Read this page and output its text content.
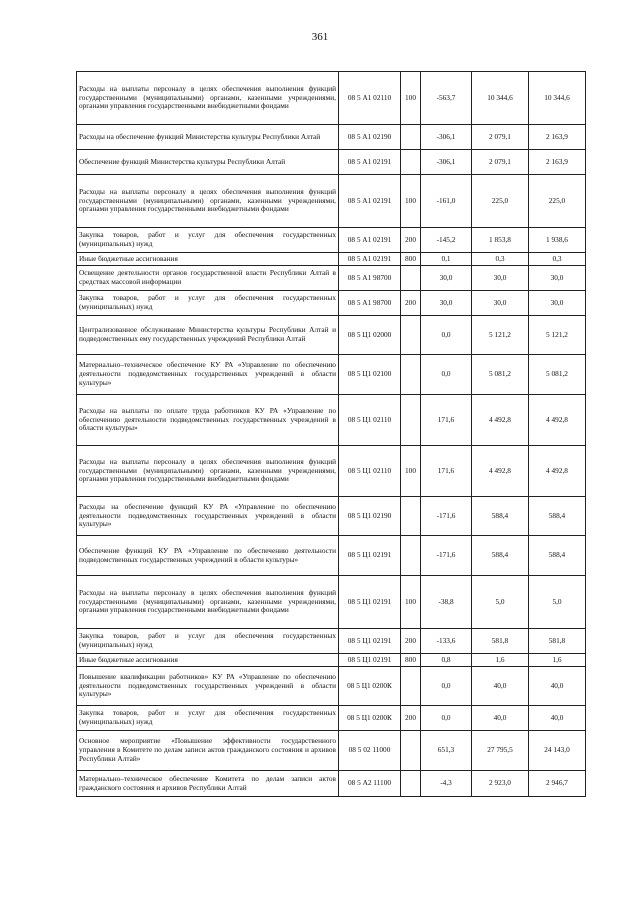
361
Расходы на выплаты персоналу в целях обеспечения выполнения функций государственными (муниципальными) органами, казенными учреждениями, органами управления государственными внебюджетными фондами	08 5 А1 02110	100	-563,7	10 344,6	10 344,6
Расходы на обеспечение функций Министерства культуры Республики Алтай	08 5 А1 02190		-306,1	2 079,1	2 163,9
Обеспечение функций Министерства культуры Республики Алтай	08 5 А1 02191		-306,1	2 079,1	2 163,9
Расходы на выплаты персоналу в целях обеспечения выполнения функций государственными (муниципальными) органами, казенными учреждениями, органами управления государственными внебюджетными фондами	08 5 А1 02191	100	-161,0	225,0	225,0
Закупка товаров, работ и услуг для обеспечения государственных (муниципальных) нужд	08 5 А1 02191	200	-145,2	1 853,8	1 938,6
Иные бюджетные ассигнования	08 5 А1 02191	800	0,1	0,3	0,3
Освещение деятельности органов государственной власти Республики Алтай в средствах массовой информации	08 5 А1 98700		30,0	30,0	30,0
Закупка товаров, работ и услуг для обеспечения государственных (муниципальных) нужд	08 5 А1 98700	200	30,0	30,0	30,0
Централизованное обслуживание Министерства культуры Республики Алтай и подведомственных ему государственных учреждений Республики Алтай	08 5 Ц1 02000		0,0	5 121,2	5 121,2
Материально–техническое обеспечение КУ РА «Управление по обеспечению деятельности подведомственных государственных учреждений в области культуры»	08 5 Ц1 02100		0,0	5 081,2	5 081,2
Расходы на выплаты по оплате труда работников КУ РА «Управление по обеспечению деятельности подведомственных государственных учреждений в области культуры»	08 5 Ц1 02110		171,6	4 492,8	4 492,8
Расходы на выплаты персоналу в целях обеспечения выполнения функций государственными (муниципальными) органами, казенными учреждениями, органами управления государственными внебюджетными фондами	08 5 Ц1 02110	100	171,6	4 492,8	4 492,8
Расходы на обеспечение функций КУ РА «Управление по обеспечению деятельности подведомственных государственных учреждений в области культуры»	08 5 Ц1 02190		-171,6	588,4	588,4
Обеспечение функций КУ РА «Управление по обеспечению деятельности подведомственных государственных учреждений в области культуры»	08 5 Ц1 02191		-171,6	588,4	588,4
Расходы на выплаты персоналу в целях обеспечения выполнения функций государственными (муниципальными) органами, казенными учреждениями, органами управления государственными внебюджетными фондами	08 5 Ц1 02191	100	-38,8	5,0	5,0
Закупка товаров, работ и услуг для обеспечения государственных (муниципальных) нужд	08 5 Ц1 02191	200	-133,6	581,8	581,8
Иные бюджетные ассигнования	08 5 Ц1 02191	800	0,8	1,6	1,6
Повышение квалификации работников» КУ РА «Управление по обеспечению деятельности подведомственных государственных учреждений в области культуры»	08 5 Ц1 0200К		0,0	40,0	40,0
Закупка товаров, работ и услуг для обеспечения государственных (муниципальных) нужд	08 5 Ц1 0200К	200	0,0	40,0	40,0
Основное мероприятие «Повышение эффективности государственного управления в Комитете по делам записи актов гражданского состояния и архивов Республики Алтай»	08 5 02 11000		651,3	27 795,5	24 143,0
Материально–техническое обеспечение Комитета по делам записи актов гражданского состояния и архивов Республики Алтай	08 5 А2 11100		-4,3	2 923,0	2 946,7
